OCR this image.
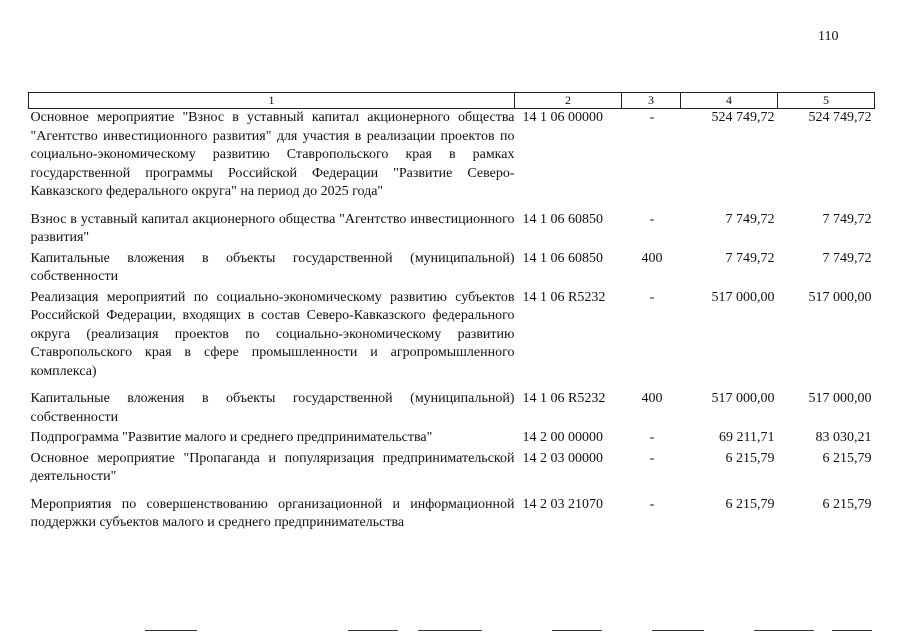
110
1	2	3	4	5
Основное мероприятие "Взнос в уставный капитал акционерного общества "Агентство инвестиционного развития" для участия в реализации проектов по социально-экономическому развитию Ставропольского края в рамках государственной программы Российской Федерации "Развитие Северо-Кавказского федерального округа" на период до 2025 года"	14 1 06 00000	-	524 749,72	524 749,72
Взнос в уставный капитал акционерного общества "Агентство инвестиционного развития"	14 1 06 60850	-	7 749,72	7 749,72
Капитальные вложения в объекты государственной (муниципальной) собственности	14 1 06 60850	400	7 749,72	7 749,72
Реализация мероприятий по социально-экономическому развитию субъектов Российской Федерации, входящих в состав Северо-Кавказского федерального округа (реализация проектов по социально-экономическому развитию Ставропольского края в сфере промышленности и агропромышленного комплекса)	14 1 06 R5232	-	517 000,00	517 000,00
Капитальные вложения в объекты государственной (муниципальной) собственности	14 1 06 R5232	400	517 000,00	517 000,00
Подпрограмма "Развитие малого и среднего предпринимательства"	14 2 00 00000	-	69 211,71	83 030,21
Основное мероприятие "Пропаганда и популяризация предпринимательской деятельности"	14 2 03 00000	-	6 215,79	6 215,79
Мероприятия по совершенствованию организационной и информационной поддержки субъектов малого и среднего предпринимательства	14 2 03 21070	-	6 215,79	6 215,79
